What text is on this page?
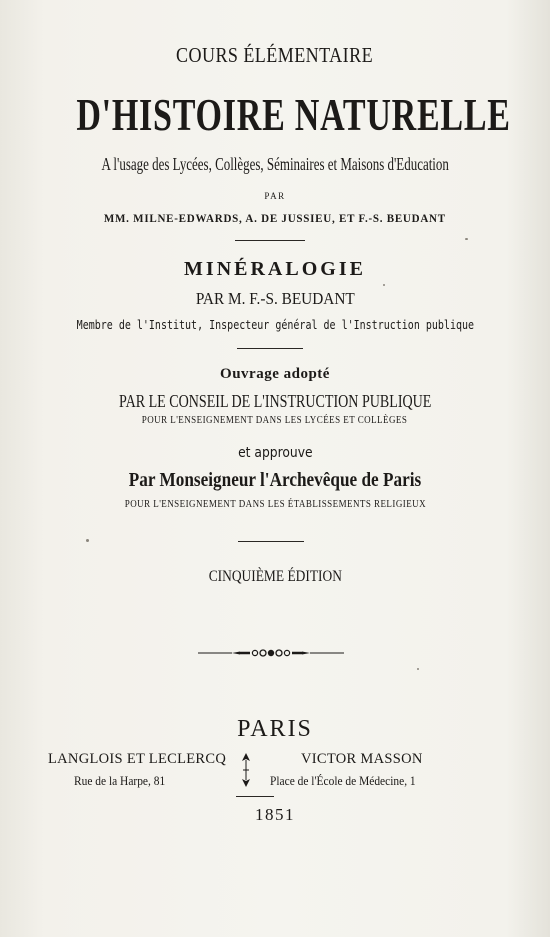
COURS ÉLÉMENTAIRE
D'HISTOIRE NATURELLE
A l'usage des Lycées, Collèges, Séminaires et Maisons d'Education
PAR
MM. MILNE-EDWARDS, A. DE JUSSIEU, ET F.-S. BEUDANT
MINÉRALOGIE
PAR M. F.-S. BEUDANT
Membre de l'Institut, Inspecteur général de l'Instruction publique
Ouvrage adopté
PAR LE CONSEIL DE L'INSTRUCTION PUBLIQUE
POUR L'ENSEIGNEMENT DANS LES LYCÉES ET COLLÈGES
et approuve
Par Monseigneur l'Archevêque de Paris
POUR L'ENSEIGNEMENT DANS LES ÉTABLISSEMENTS RELIGIEUX
CINQUIÈME ÉDITION
PARIS
LANGLOIS ET LECLERCQ
Rue de la Harpe, 81
VICTOR MASSON
Place de l'École de Médecine, 1
1851
